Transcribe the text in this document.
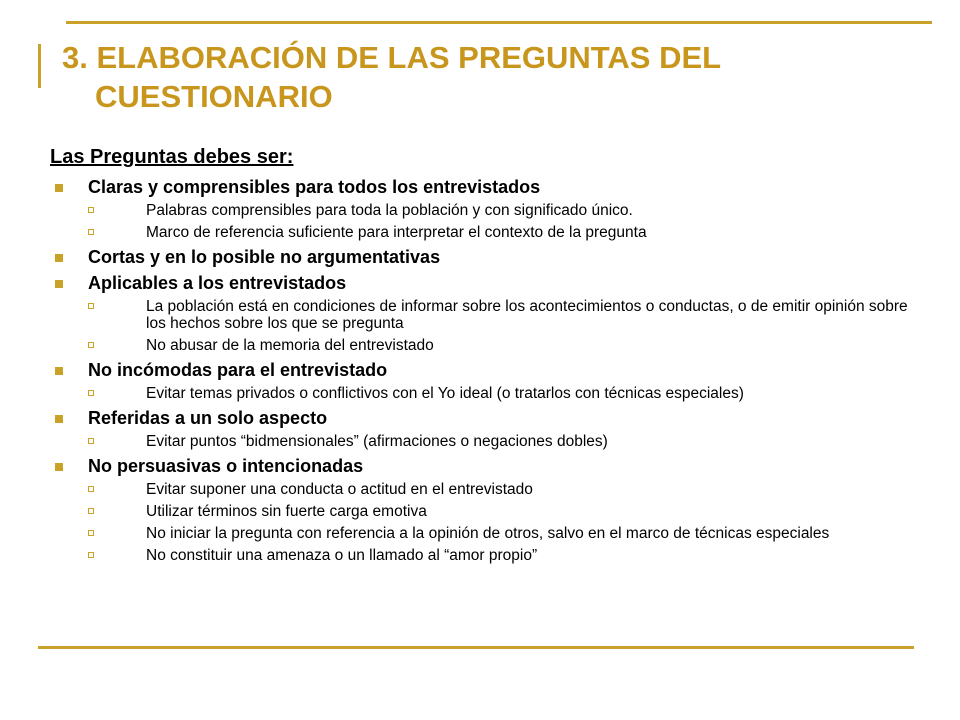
3. ELABORACIÓN DE LAS PREGUNTAS DEL
CUESTIONARIO
Las Preguntas debes ser:
Claras y comprensibles para todos los entrevistados
Palabras comprensibles para toda la población y con significado único.
Marco de referencia suficiente para interpretar el contexto de la pregunta
Cortas y en lo posible no argumentativas
Aplicables a los entrevistados
La población está en condiciones de informar sobre los acontecimientos o conductas, o de emitir opinión sobre los hechos sobre los que se pregunta
No abusar de la memoria del entrevistado
No incómodas para el entrevistado
Evitar temas privados o conflictivos con el Yo ideal (o tratarlos con técnicas especiales)
Referidas a un solo aspecto
Evitar puntos “bidmensionales” (afirmaciones o negaciones dobles)
No persuasivas o intencionadas
Evitar suponer una conducta o actitud en el entrevistado
Utilizar términos sin fuerte carga emotiva
No iniciar la pregunta con referencia a la opinión de otros, salvo en el marco de técnicas especiales
No constituir una amenaza o un llamado al “amor propio”
